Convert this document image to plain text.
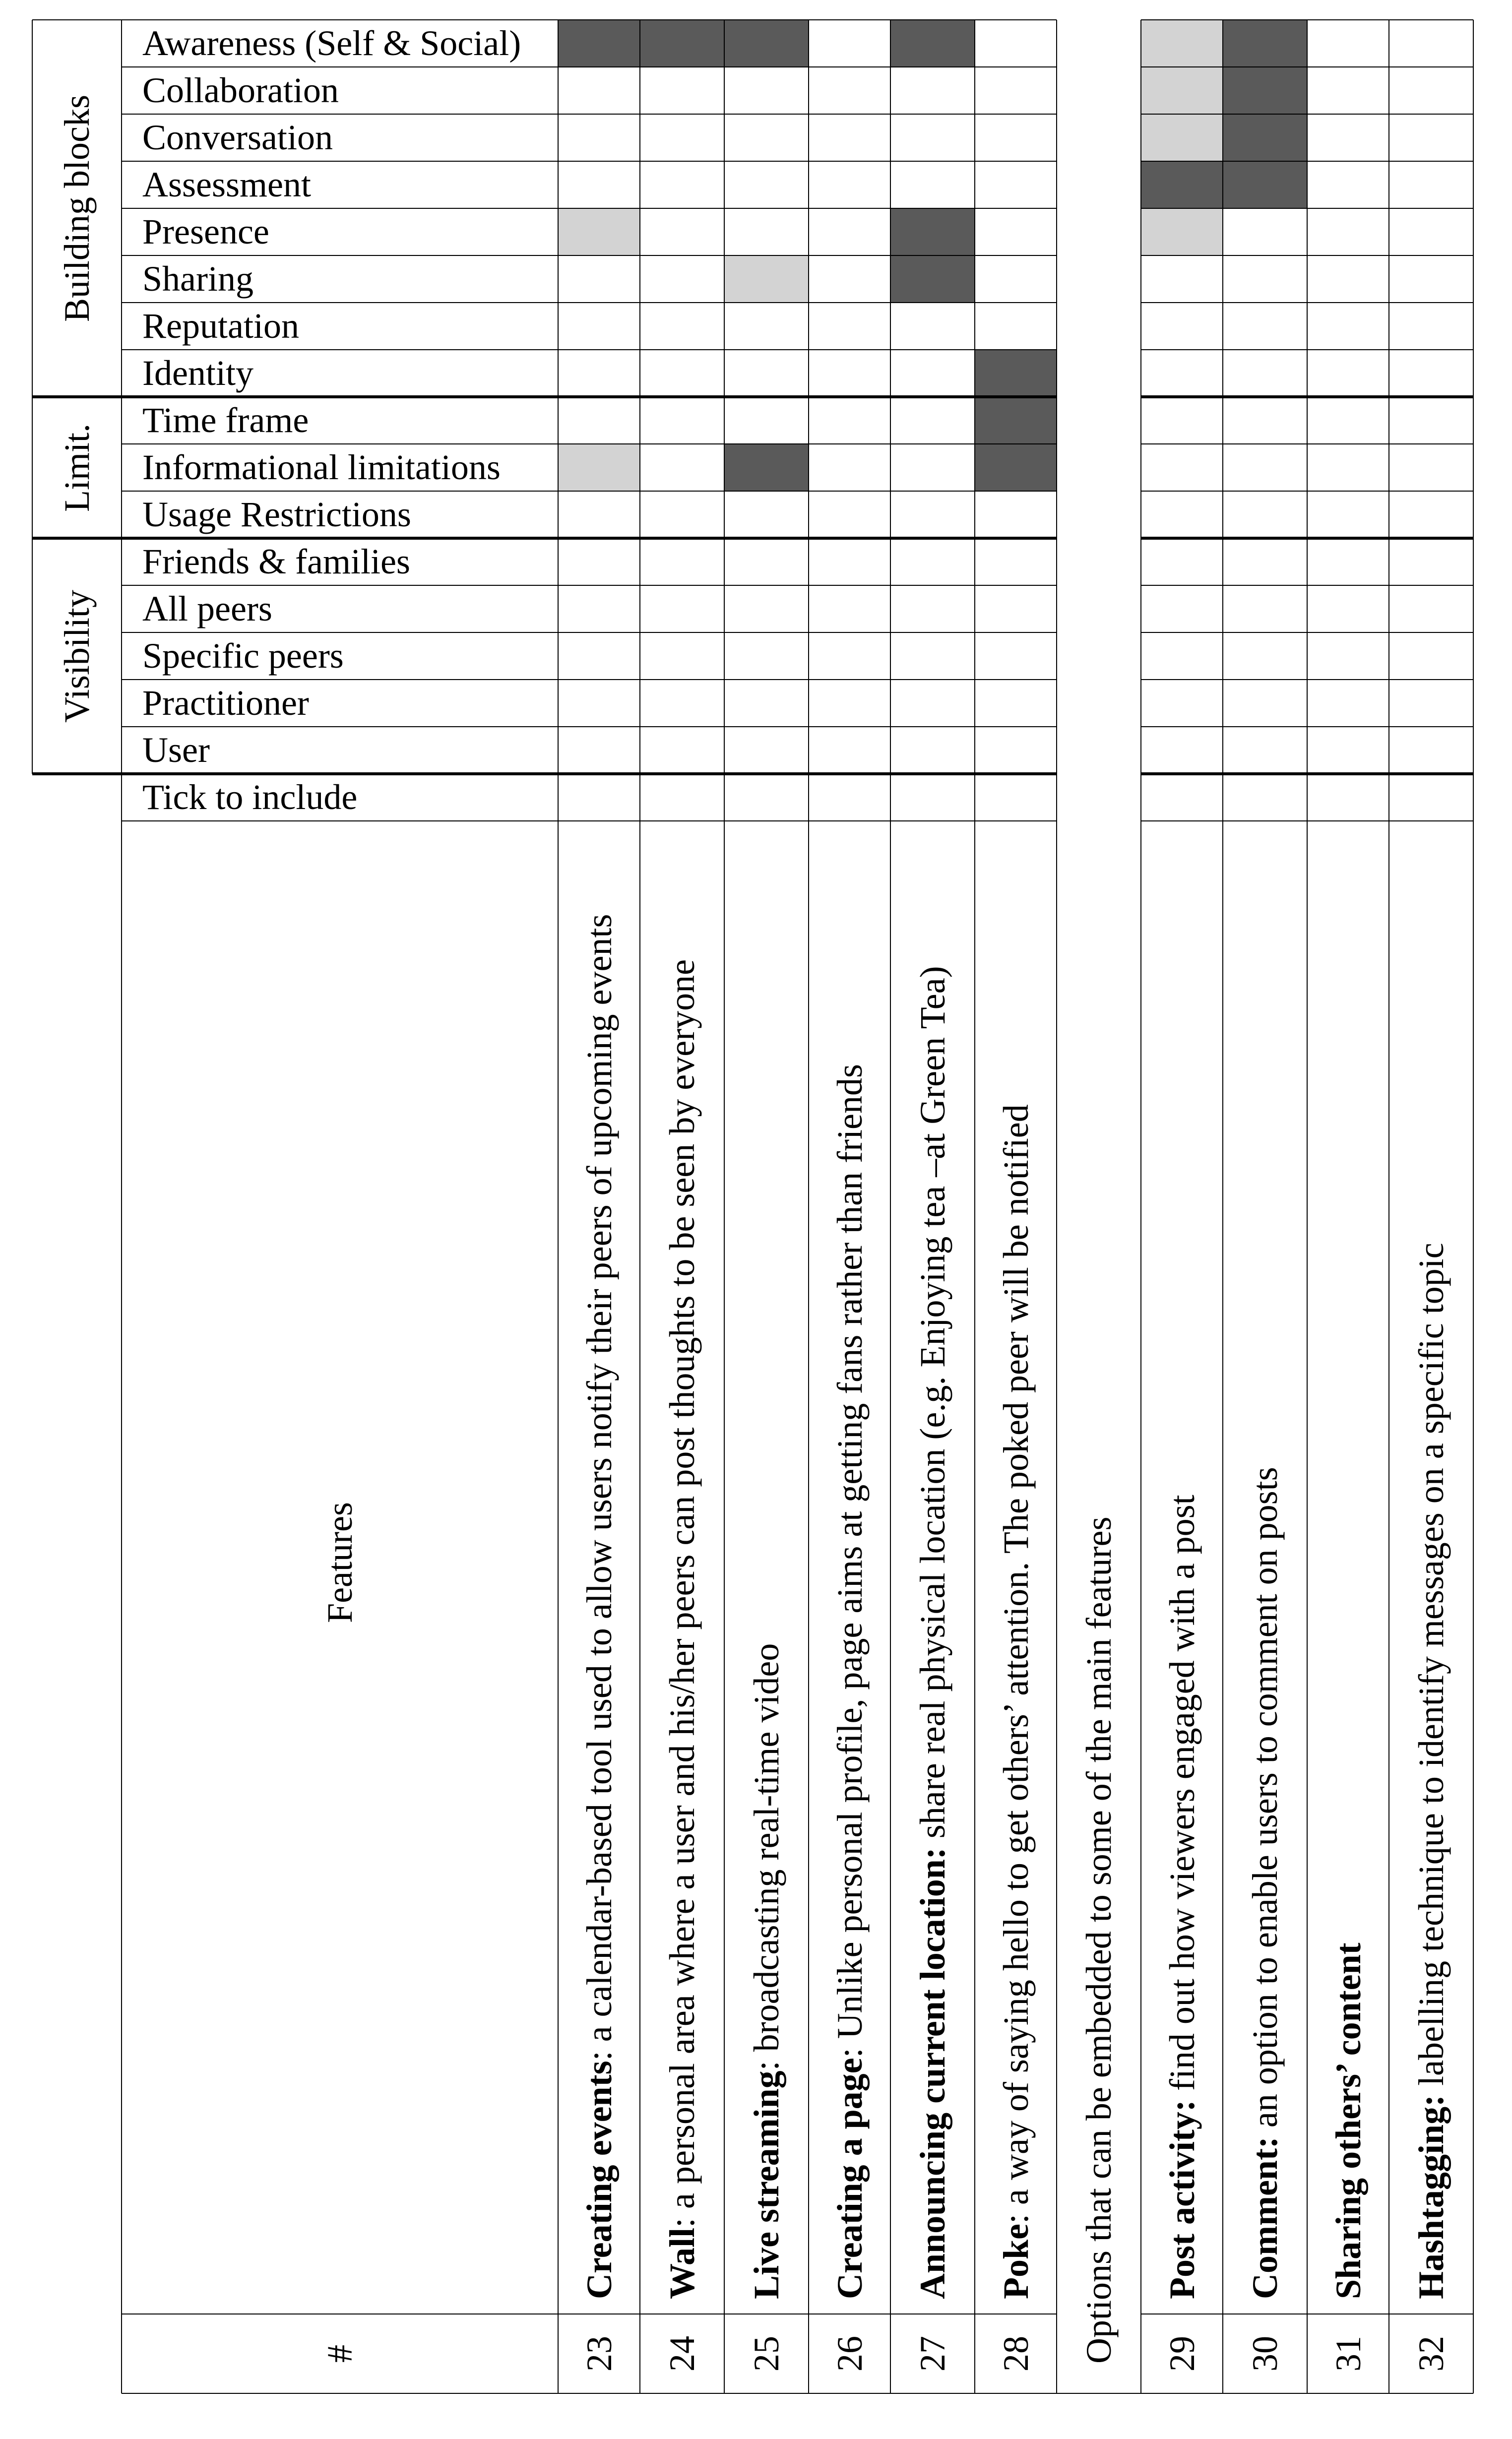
Awareness (Self & Social)
Collaboration
Conversation
Assessment
Presence
Sharing
Reputation
Identity
Time frame
Informational limitations
Usage Restrictions
Friends & families
All peers
Specific peers
Practitioner
User
Tick to include
Building blocks
Limit.
Visibility
Features
#
Creating events: a calendar-based tool used to allow users notify their peers of upcoming events
23
Wall: a personal area where a user and his/her peers can post thoughts to be seen by everyone
24
Live streaming: broadcasting real-time video
25
Creating a page: Unlike personal profile, page aims at getting fans rather than friends
26
Announcing current location: share real physical location (e.g. Enjoying tea –at Green Tea)
27
Poke: a way of saying hello to get others’ attention. The poked peer will be notified
28
Post activity: find out how viewers engaged with a post
29
Comment: an option to enable users to comment on posts
30
Sharing others’ content
31
Hashtagging: labelling technique to identify messages on a specific topic
32
Options that can be embedded to some of the main features
